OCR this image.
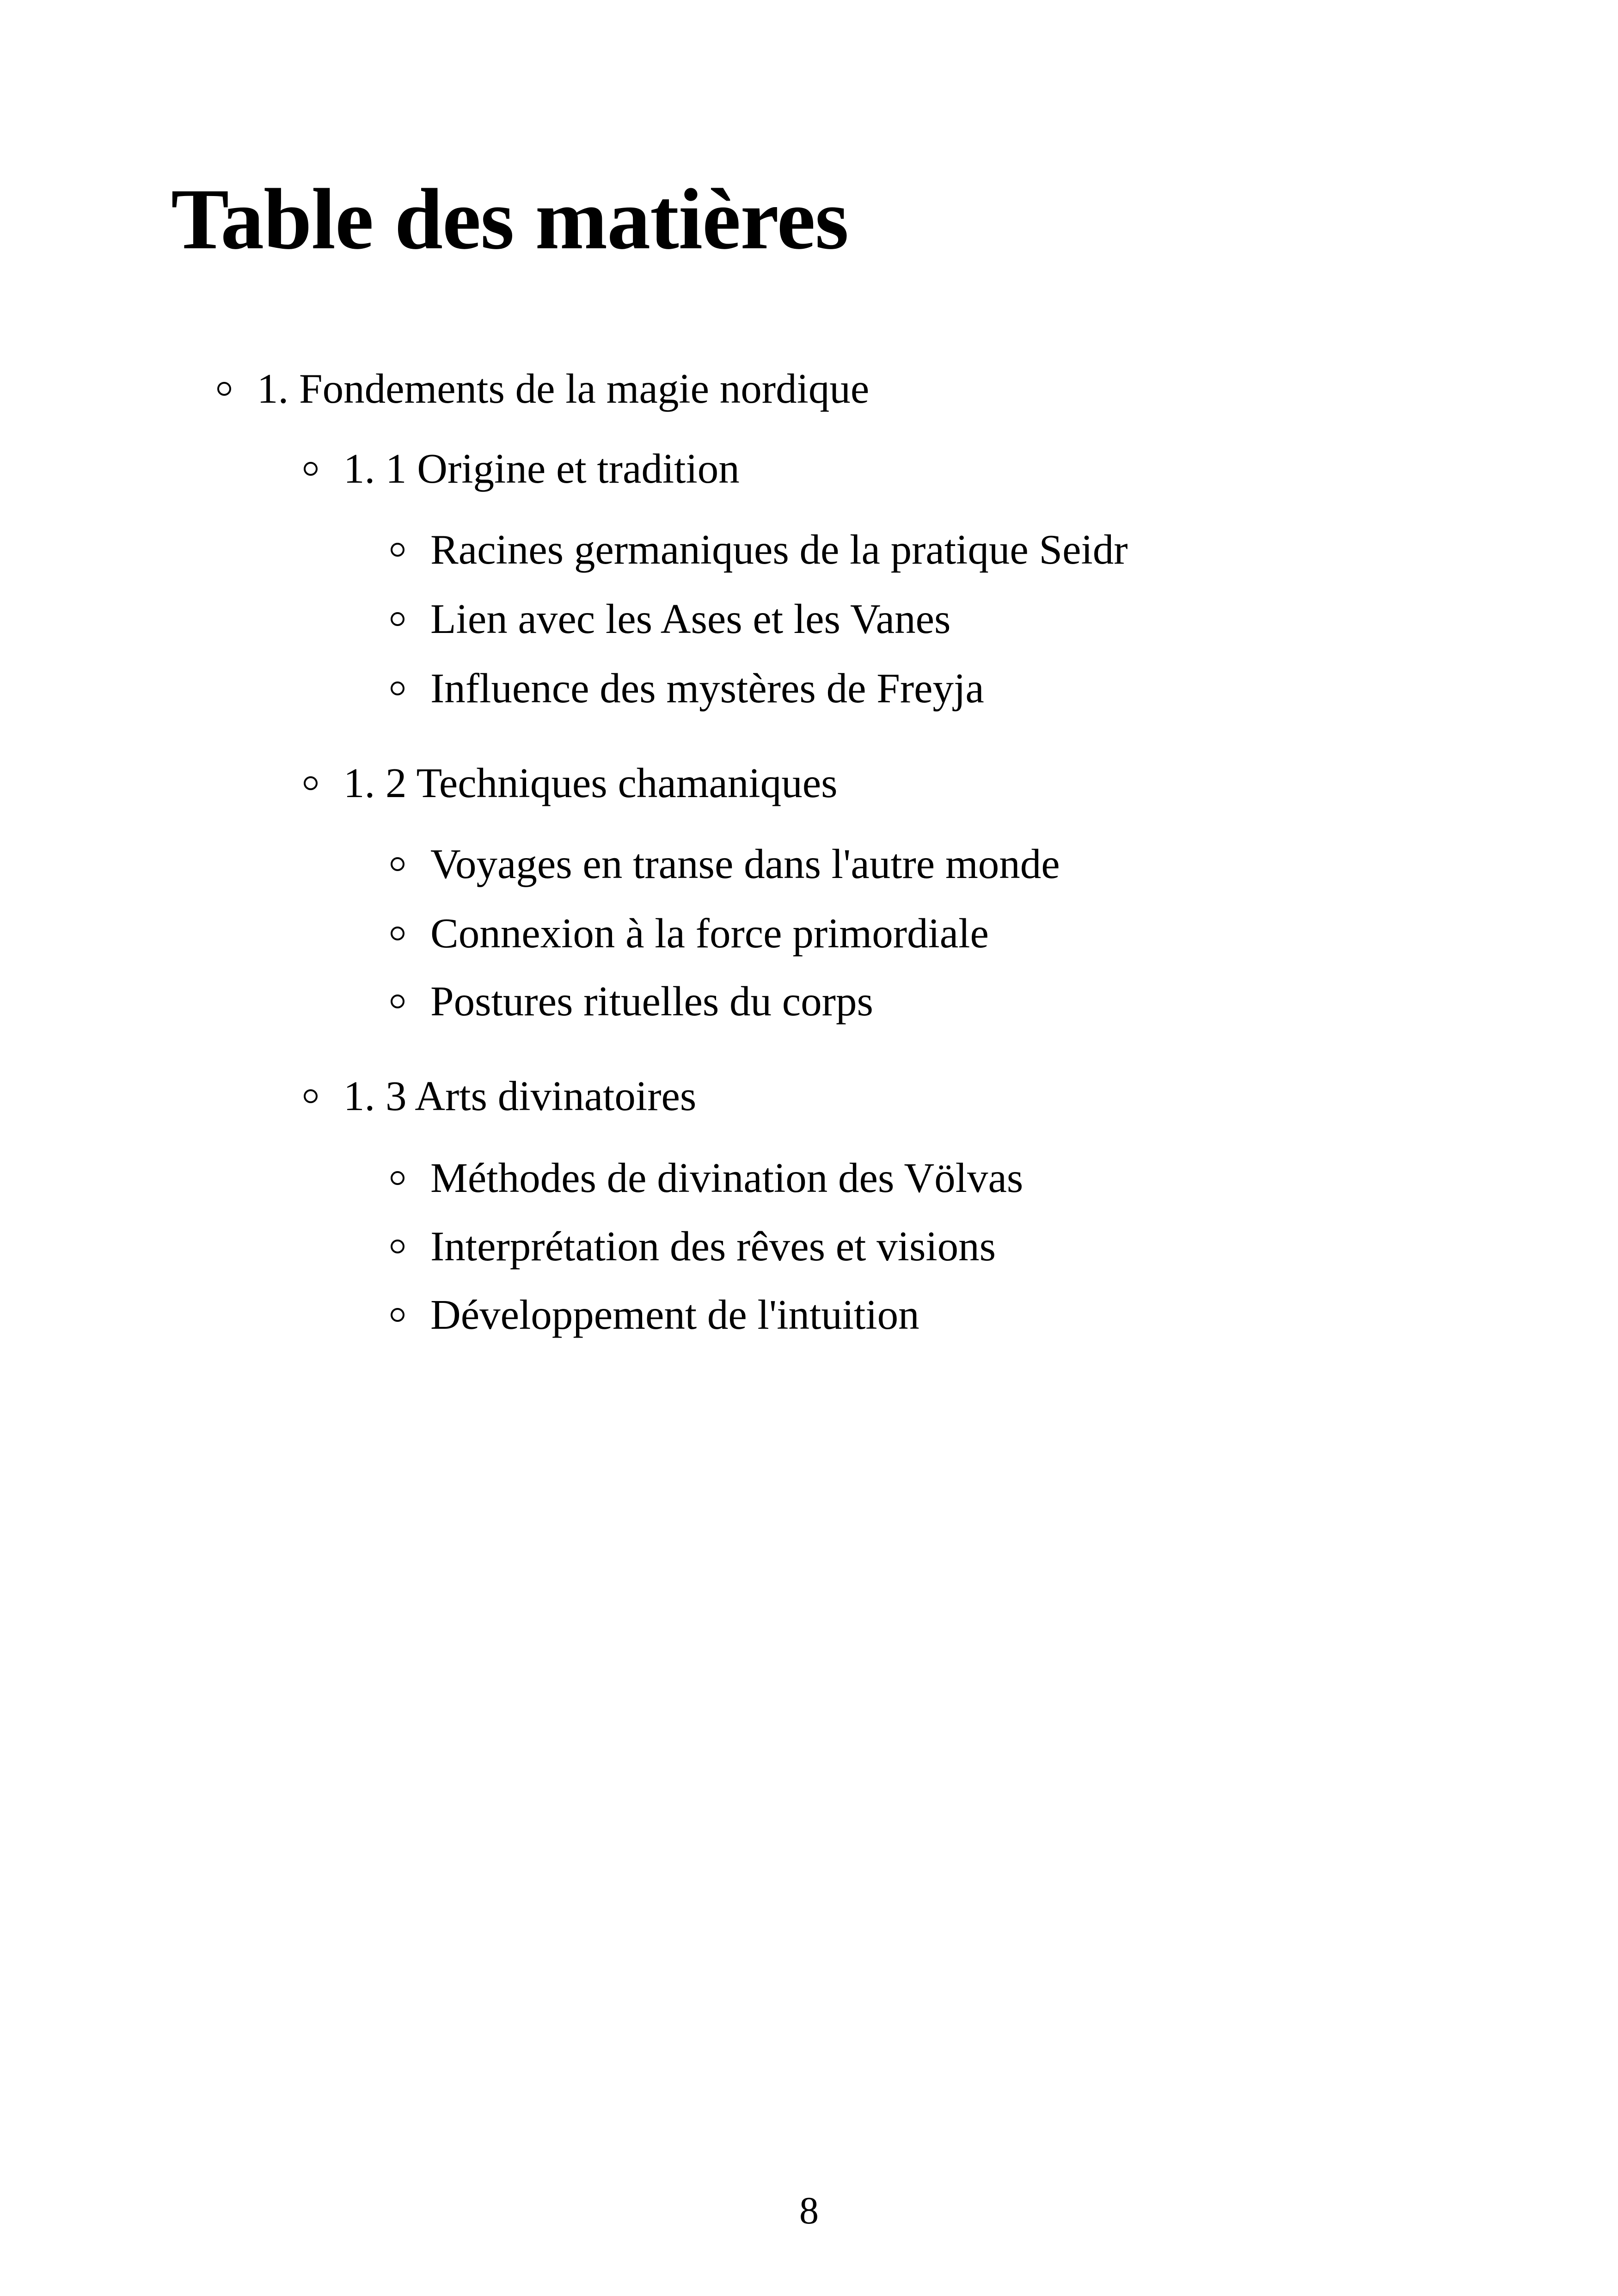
Table des matières
1. Fondements de la magie nordique
1. 1 Origine et tradition
Racines germaniques de la pratique Seidr
Lien avec les Ases et les Vanes
Influence des mystères de Freyja
1. 2 Techniques chamaniques
Voyages en transe dans l'autre monde
Connexion à la force primordiale
Postures rituelles du corps
1. 3 Arts divinatoires
Méthodes de divination des Völvas
Interprétation des rêves et visions
Développement de l'intuition
8
